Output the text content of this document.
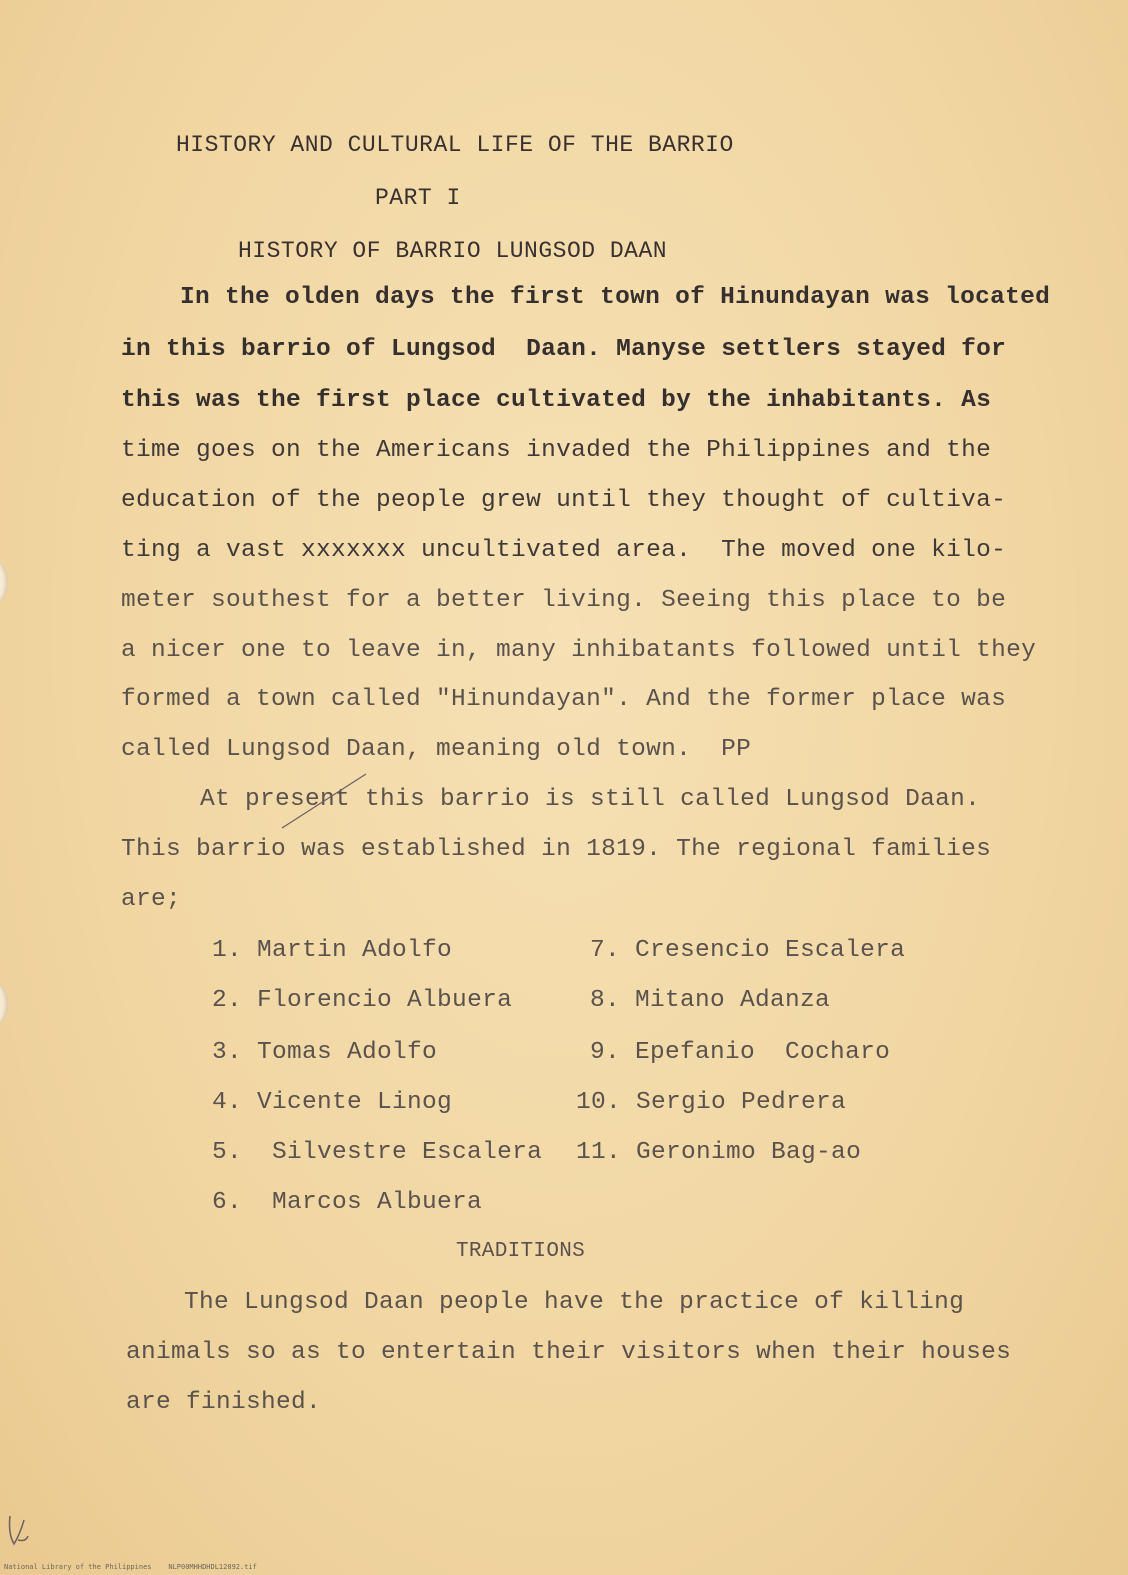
HISTORY AND CULTURAL LIFE OF THE BARRIO
PART I
HISTORY OF BARRIO LUNGSOD DAAN
In the olden days the first town of Hinundayan was located
in this barrio of Lungsod  Daan. Manyse settlers stayed for
this was the first place cultivated by the inhabitants. As
time goes on the Americans invaded the Philippines and the
education of the people grew until they thought of cultiva-
ting a vast xxxxxxx uncultivated area.  The moved one kilo-
meter southest for a better living. Seeing this place to be
a nicer one to leave in, many inhibatants followed until they
formed a town called "Hinundayan". And the former place was
called Lungsod Daan, meaning old town.  PP
At present this barrio is still called Lungsod Daan.
This barrio was established in 1819. The regional families
are;
1. Martin Adolfo
2. Florencio Albuera
3. Tomas Adolfo
4. Vicente Linog
5. Silvestre Escalera
6. Marcos Albuera
7. Cresencio Escalera
8. Mitano Adanza
9. Epefanio  Cocharo
10. Sergio Pedrera
11. Geronimo Bag-ao
TRADITIONS
The Lungsod Daan people have the practice of killing
animals so as to entertain their visitors when their houses
are finished.
National Library of the Philippines    NLP00MHHDHDL12092.tif
